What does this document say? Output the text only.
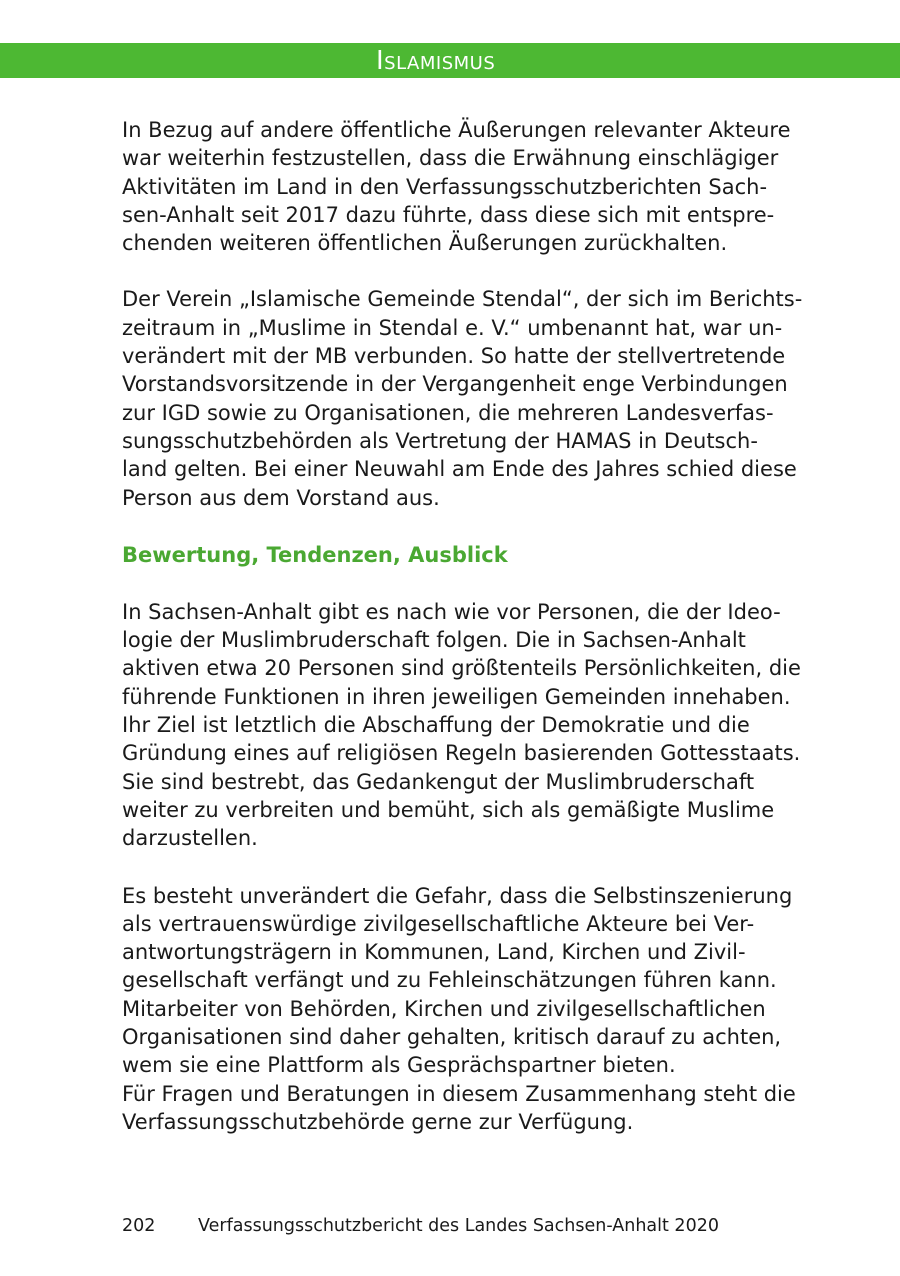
Islamismus

In Bezug auf andere öffentliche Äußerungen relevanter Akteure
war weiterhin festzustellen, dass die Erwähnung einschlägiger
Aktivitäten im Land in den Verfassungsschutzberichten Sach-
sen-Anhalt seit 2017 dazu führte, dass diese sich mit entspre-
chenden weiteren öffentlichen Äußerungen zurückhalten.

Der Verein „Islamische Gemeinde Stendal“, der sich im Berichts-
zeitraum in „Muslime in Stendal e. V.“ umbenannt hat, war un-
verändert mit der MB verbunden. So hatte der stellvertretende
Vorstandsvorsitzende in der Vergangenheit enge Verbindungen
zur IGD sowie zu Organisationen, die mehreren Landesverfas-
sungsschutzbehörden als Vertretung der HAMAS in Deutsch-
land gelten. Bei einer Neuwahl am Ende des Jahres schied diese
Person aus dem Vorstand aus.

Bewertung, Tendenzen, Ausblick

In Sachsen-Anhalt gibt es nach wie vor Personen, die der Ideo-
logie der Muslimbruderschaft folgen. Die in Sachsen-Anhalt
aktiven etwa 20 Personen sind größtenteils Persönlichkeiten, die
führende Funktionen in ihren jeweiligen Gemeinden innehaben.
Ihr Ziel ist letztlich die Abschaffung der Demokratie und die
Gründung eines auf religiösen Regeln basierenden Gottesstaats.
Sie sind bestrebt, das Gedankengut der Muslimbruderschaft
weiter zu verbreiten und bemüht, sich als gemäßigte Muslime
darzustellen.

Es besteht unverändert die Gefahr, dass die Selbstinszenierung
als vertrauenswürdige zivilgesellschaftliche Akteure bei Ver-
antwortungsträgern in Kommunen, Land, Kirchen und Zivil-
gesellschaft verfängt und zu Fehleinschätzungen führen kann.
Mitarbeiter von Behörden, Kirchen und zivilgesellschaftlichen
Organisationen sind daher gehalten, kritisch darauf zu achten,
wem sie eine Plattform als Gesprächspartner bieten.
Für Fragen und Beratungen in diesem Zusammenhang steht die
Verfassungsschutzbehörde gerne zur Verfügung.

202 Verfassungsschutzbericht des Landes Sachsen-Anhalt 2020
